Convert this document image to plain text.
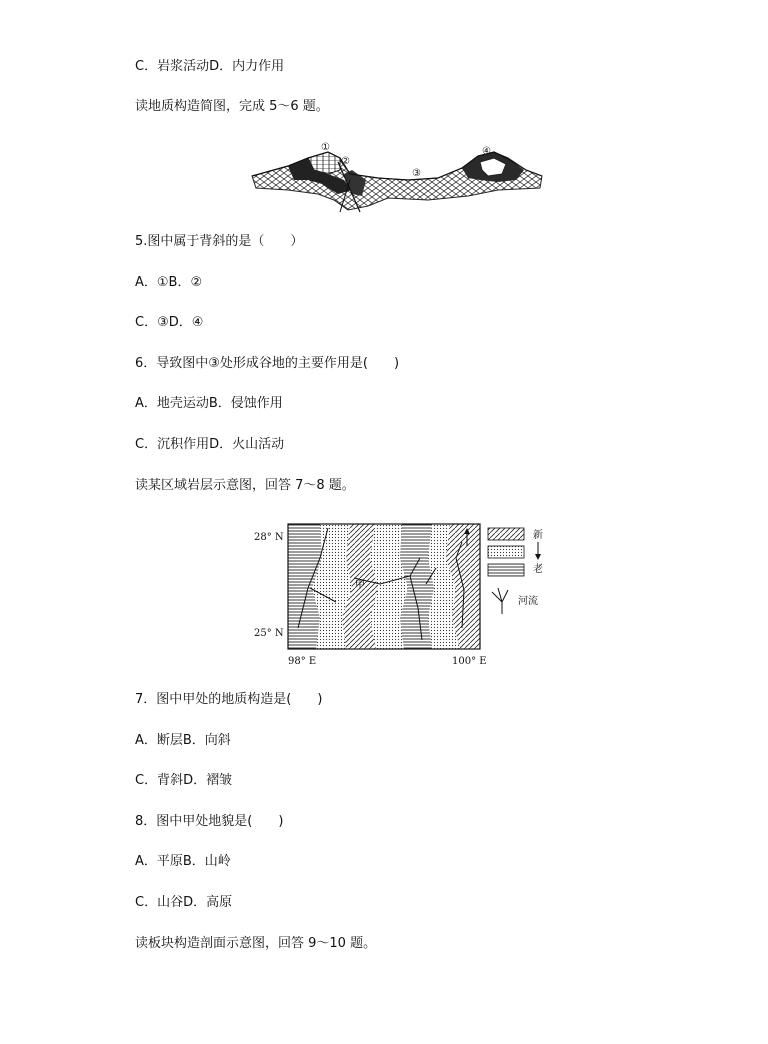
C．岩浆活动D．内力作用
读地质构造简图，完成 5～6 题。
①
②
③
④
5.图中属于背斜的是（　　）
A．①B．②
C．③D．④
6．导致图中③处形成谷地的主要作用是(　　)
A．地壳运动B．侵蚀作用
C．沉积作用D．火山活动
读某区域岩层示意图，回答 7～8 题。
甲
28° N
25° N
98° E	100° E
新
老
河流
7．图中甲处的地质构造是(　　)
A．断层B．向斜
C．背斜D．褶皱
8．图中甲处地貌是(　　)
A．平原B．山岭
C．山谷D．高原
读板块构造剖面示意图，回答 9～10 题。
